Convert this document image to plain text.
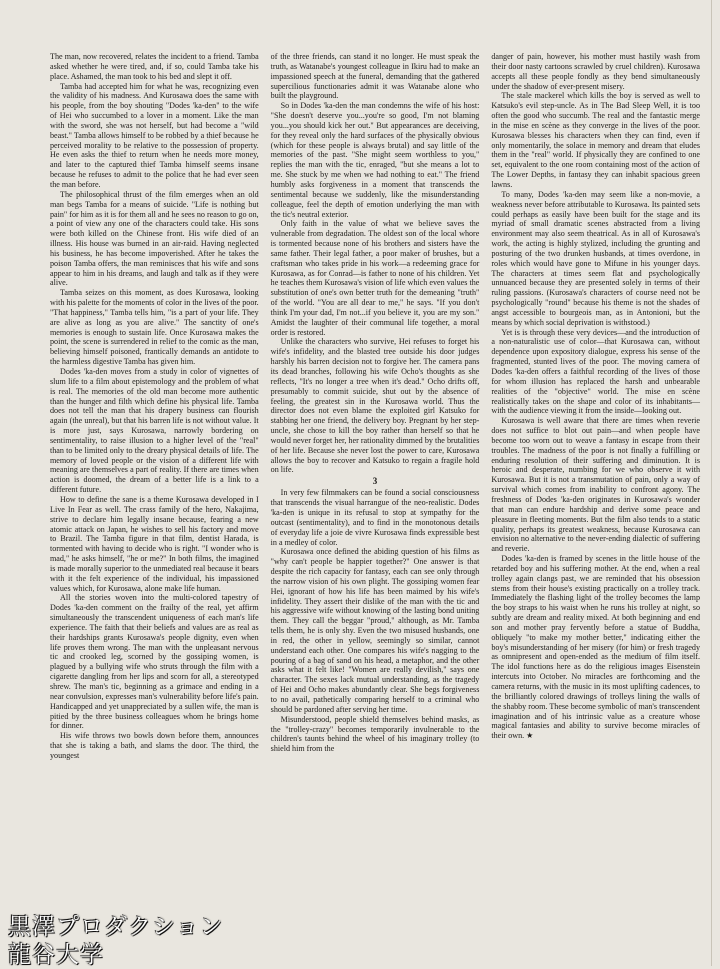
The man, now recovered, relates the incident to a friend. Tamba asked whether he were tired, and, if so, could Tamba take his place. Ashamed, the man took to his bed and slept it off.

Tamba had accepted him for what he was, recognizing even the validity of his madness. And Kurosawa does the same with his people, from the boy shouting "Dodes 'ka-den" to the wife of Hei who succumbed to a lover in a moment. Like the man with the sword, she was not herself, but had become a "wild beast." Tamba allows himself to be robbed by a thief because he perceived morality to be relative to the possession of property. He even asks the thief to return when he needs more money, and later to the captured thief Tamba himself seems insane because he refuses to admit to the police that he had ever seen the man before.

The philosophical thrust of the film emerges when an old man begs Tamba for a means of suicide. "Life is nothing but pain" for him as it is for them all and he sees no reason to go on, a point of view any one of the characters could take. His sons were both killed on the Chinese front. His wife died of an illness. His house was burned in an air-raid. Having neglected his business, he has become impoverished. After he takes the poison Tamba offers, the man reminisces that his wife and sons appear to him in his dreams, and laugh and talk as if they were alive.

Tamba seizes on this moment, as does Kurosawa, looking with his palette for the moments of color in the lives of the poor. "That happiness," Tamba tells him, "is a part of your life. They are alive as long as you are alive." The sanctity of one's memories is enough to sustain life. Once Kurosawa makes the point, the scene is surrendered in relief to the comic as the man, believing himself poisoned, frantically demands an antidote to the harmless digestive Tamba has given him.

Dodes 'ka-den moves from a study in color of vignettes of slum life to a film about epistemology and the problem of what is real. The memories of the old man become more authentic than the hunger and filth which define his physical life. Tamba does not tell the man that his drapery business can flourish again (the unreal), but that his barren life is not without value. It is more just, says Kurosawa, narrowly bordering on sentimentality, to raise illusion to a higher level of the "real" than to be limited only to the dreary physical details of life. The memory of loved people or the vision of a different life with meaning are themselves a part of reality. If there are times when action is doomed, the dream of a better life is a link to a different future.

How to define the sane is a theme Kurosawa developed in I Live In Fear as well. The crass family of the hero, Nakajima, strive to declare him legally insane because, fearing a new atomic attack on Japan, he wishes to sell his factory and move to Brazil. The Tamba figure in that film, dentist Harada, is tormented with having to decide who is right. "I wonder who is mad," he asks himself, "he or me?" In both films, the imagined is made morally superior to the unmediated real because it bears with it the felt experience of the individual, his impassioned values which, for Kurosawa, alone make life human.

All the stories woven into the multi-colored tapestry of Dodes 'ka-den comment on the frailty of the real, yet affirm simultaneously the transcendent uniqueness of each man's life experience. The faith that their beliefs and values are as real as their hardships grants Kurosawa's people dignity, even when life proves them wrong. The man with the unpleasant nervous tic and crooked leg, scorned by the gossiping women, is plagued by a bullying wife who struts through the film with a cigarette dangling from her lips and scorn for all, a stereotyped shrew. The man's tic, beginning as a grimace and ending in a near convulsion, expresses man's vulnerability before life's pain. Handicapped and yet unappreciated by a sullen wife, the man is pitied by the three business colleagues whom he brings home for dinner.

His wife throws two bowls down before them, announces that she is taking a bath, and slams the door. The third, the youngest

of the three friends, can stand it no longer. He must speak the truth, as Watanabe's youngest colleague in Ikiru had to make an impassioned speech at the funeral, demanding that the gathered supercilious functionaries admit it was Watanabe alone who built the playground.

So in Dodes 'ka-den the man condemns the wife of his host: "She doesn't deserve you...you're so good, I'm not blaming you...you should kick her out." But appearances are deceiving, for they reveal only the hard surfaces of the physically obvious (which for these people is always brutal) and say little of the memories of the past. "She might seem worthless to you," replies the man with the tic, enraged, "but she means a lot to me. She stuck by me when we had nothing to eat." The friend humbly asks forgiveness in a moment that transcends the sentimental because we suddenly, like the misunderstanding colleague, feel the depth of emotion underlying the man with the tic's neutral exterior.

Only faith in the value of what we believe saves the vulnerable from degradation. The oldest son of the local whore is tormented because none of his brothers and sisters have the same father. Their legal father, a poor maker of brushes, but a craftsman who takes pride in his work—a redeeming grace for Kurosawa, as for Conrad—is father to none of his children. Yet he teaches them Kurosawa's vision of life which even values the substitution of one's own better truth for the demeaning "truth" of the world. "You are all dear to me," he says. "If you don't think I'm your dad, I'm not...if you believe it, you are my son." Amidst the laughter of their communal life together, a moral order is restored.

Unlike the characters who survive, Hei refuses to forget his wife's infidelity, and the blasted tree outside his door judges harshly his barren decision not to forgive her. The camera pans its dead branches, following his wife Ocho's thoughts as she reflects, "It's no longer a tree when it's dead." Ocho drifts off, presumably to commit suicide, shut out by the absence of feeling, the greatest sin in the Kurosawa world. Thus the director does not even blame the exploited girl Katsuko for stabbing her one friend, the delivery boy. Pregnant by her step-uncle, she chose to kill the boy rather than herself so that he would never forget her, her rationality dimmed by the brutalities of her life. Because she never lost the power to care, Kurosawa allows the boy to recover and Katsuko to regain a fragile hold on life.

3

In very few filmmakers can be found a social consciousness that transcends the visual harrangue of the neo-realistic. Dodes 'ka-den is unique in its refusal to stop at sympathy for the outcast (sentimentality), and to find in the monotonous details of everyday life a joie de vivre Kurosawa finds expressible best in a medley of color.

Kurosawa once defined the abiding question of his films as "why can't people be happier together?" One answer is that despite the rich capacity for fantasy, each can see only through the narrow vision of his own plight. The gossiping women fear Hei, ignorant of how his life has been maimed by his wife's infidelity. They assert their dislike of the man with the tic and his aggressive wife without knowing of the lasting bond uniting them. They call the beggar "proud," although, as Mr. Tamba tells them, he is only shy. Even the two misused husbands, one in red, the other in yellow, seemingly so similar, cannot understand each other. One compares his wife's nagging to the pouring of a bag of sand on his head, a metaphor, and the other asks what it felt like! "Women are really devilish," says one character. The sexes lack mutual understanding, as the tragedy of Hei and Ocho makes abundantly clear. She begs forgiveness to no avail, pathetically comparing herself to a criminal who should be pardoned after serving her time.

Misunderstood, people shield themselves behind masks, as the "trolley-crazy" becomes temporarily invulnerable to the children's taunts behind the wheel of his imaginary trolley (to shield him from the

danger of pain, however, his mother must hastily wash from their door nasty cartoons scrawled by cruel children). Kurosawa accepts all these people fondly as they bend simultaneously under the shadow of ever-present misery.

The stale mackerel which kills the boy is served as well to Katsuko's evil step-uncle. As in The Bad Sleep Well, it is too often the good who succumb. The real and the fantastic merge in the mise en scène as they converge in the lives of the poor. Kurosawa blesses his characters when they can find, even if only momentarily, the solace in memory and dream that eludes them in the "real" world. If physically they are confined to one set, equivalent to the one room containing most of the action of The Lower Depths, in fantasy they can inhabit spacious green lawns.

To many, Dodes 'ka-den may seem like a non-movie, a weakness never before attributable to Kurosawa. Its painted sets could perhaps as easily have been built for the stage and its myriad of small dramatic scenes abstracted from a living environment may also seem theatrical. As in all of Kurosawa's work, the acting is highly stylized, including the grunting and posturing of the two drunken husbands, at times overdone, in roles which would have gone to Mifune in his younger days. The characters at times seem flat and psychologically unnuanced because they are presented solely in terms of their ruling passions. (Kurosawa's characters of course need not be psychologically "round" because his theme is not the shades of angst accessible to bourgeois man, as in Antonioni, but the means by which social deprivation is withstood.)

Yet is is through these very devices—and the introduction of a non-naturalistic use of color—that Kurosawa can, without dependence upon expository dialogue, express his sense of the fragmented, stunted lives of the poor. The moving camera of Dodes 'ka-den offers a faithful recording of the lives of those for whom illusion has replaced the harsh and unbearable realities of the "objective" world. The mise en scène realistically takes on the shape and color of its inhabitants—with the audience viewing it from the inside—looking out.

Kurosawa is well aware that there are times when reverie does not suffice to blot out pain—and when people have become too worn out to weave a fantasy in escape from their troubles. The madness of the poor is not finally a fulfilling or enduring resolution of their suffering and diminution. It is heroic and desperate, numbing for we who observe it with Kurosawa. But it is not a transmutation of pain, only a way of survival which comes from inability to confront agony. The freshness of Dodes 'ka-den originates in Kurosawa's wonder that man can endure hardship and derive some peace and pleasure in fleeting moments. But the film also tends to a static quality, perhaps its greatest weakness, because Kurosawa can envision no alternative to the never-ending dialectic of suffering and reverie.

Dodes 'ka-den is framed by scenes in the little house of the retarded boy and his suffering mother. At the end, when a real trolley again clangs past, we are reminded that his obsession stems from their house's existing practically on a trolley track. Immediately the flashing light of the trolley becomes the lamp the boy straps to his waist when he runs his trolley at night, so subtly are dream and reality mixed. At both beginning and end son and mother pray fervently before a statue of Buddha, obliquely "to make my mother better," indicating either the boy's misunderstanding of her misery (for him) or fresh tragedy as omnipresent and open-ended as the medium of film itself. The idol functions here as do the religious images Eisenstein intercuts into October. No miracles are forthcoming and the camera returns, with the music in its most uplifting cadences, to the brilliantly colored drawings of trolleys lining the walls of the shabby room. These become symbolic of man's transcendent imagination and of his intrinsic value as a creature whose magical fantasies and ability to survive become miracles of their own. ★

黒澤プロダクション
龍谷大学
